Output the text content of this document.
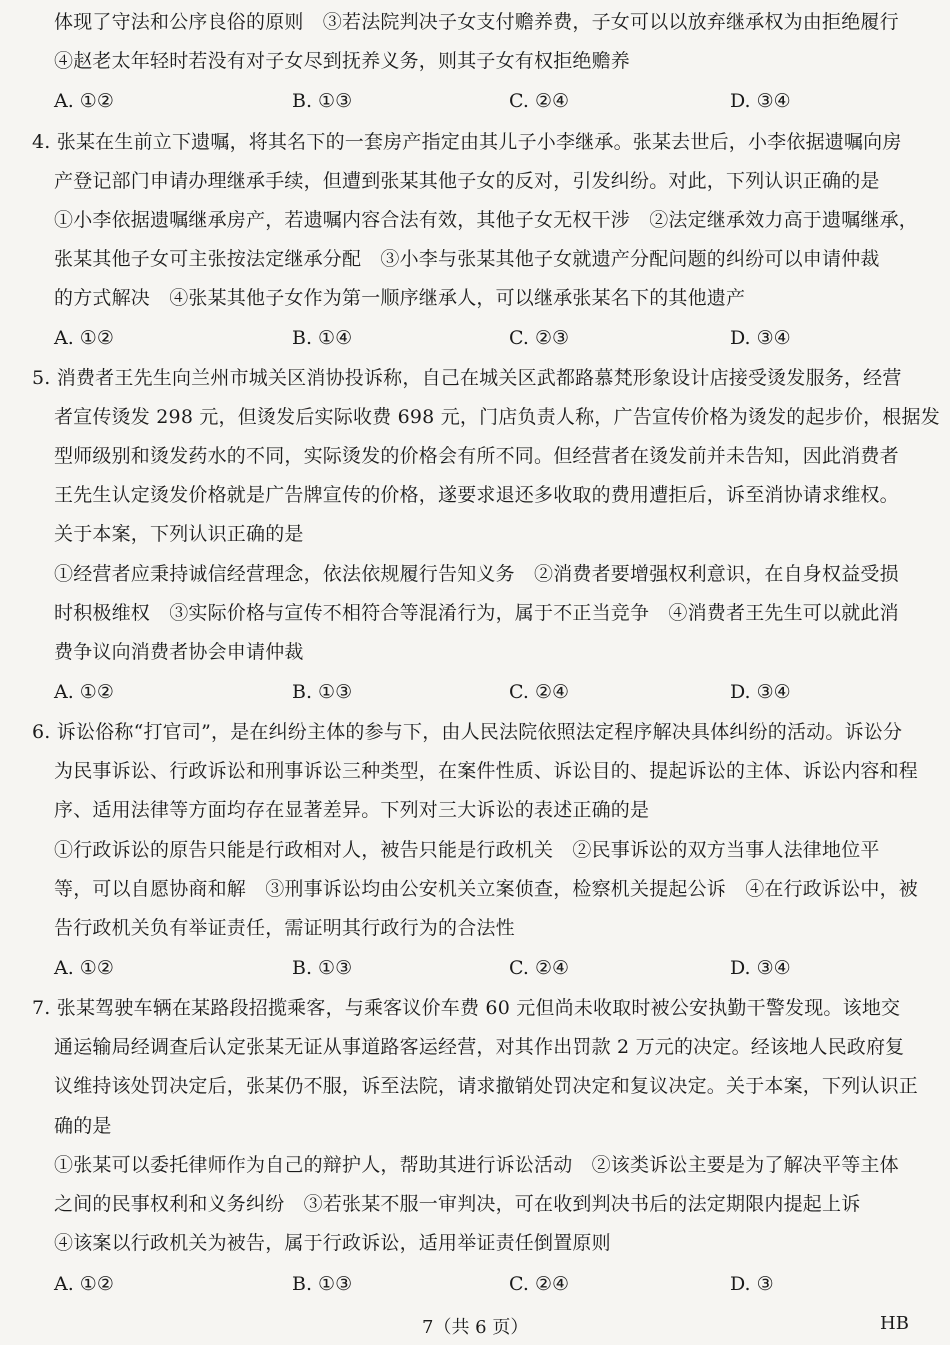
体现了守法和公序良俗的原则　③若法院判决子女支付赡养费，子女可以以放弃继承权为由拒绝履行
④赵老太年轻时若没有对子女尽到抚养义务，则其子女有权拒绝赡养
A. ①②	B. ①③	C. ②④	D. ③④
4. 张某在生前立下遗嘱，将其名下的一套房产指定由其儿子小李继承。张某去世后，小李依据遗嘱向房
产登记部门申请办理继承手续，但遭到张某其他子女的反对，引发纠纷。对此，下列认识正确的是
①小李依据遗嘱继承房产，若遗嘱内容合法有效，其他子女无权干涉　②法定继承效力高于遗嘱继承，
张某其他子女可主张按法定继承分配　③小李与张某其他子女就遗产分配问题的纠纷可以申请仲裁
的方式解决　④张某其他子女作为第一顺序继承人，可以继承张某名下的其他遗产
A. ①②	B. ①④	C. ②③	D. ③④
5. 消费者王先生向兰州市城关区消协投诉称，自己在城关区武都路慕梵形象设计店接受烫发服务，经营
者宣传烫发 298 元，但烫发后实际收费 698 元，门店负责人称，广告宣传价格为烫发的起步价，根据发
型师级别和烫发药水的不同，实际烫发的价格会有所不同。但经营者在烫发前并未告知，因此消费者
王先生认定烫发价格就是广告牌宣传的价格，遂要求退还多收取的费用遭拒后，诉至消协请求维权。
关于本案，下列认识正确的是
①经营者应秉持诚信经营理念，依法依规履行告知义务　②消费者要增强权利意识，在自身权益受损
时积极维权　③实际价格与宣传不相符合等混淆行为，属于不正当竞争　④消费者王先生可以就此消
费争议向消费者协会申请仲裁
A. ①②	B. ①③	C. ②④	D. ③④
6. 诉讼俗称“打官司”，是在纠纷主体的参与下，由人民法院依照法定程序解决具体纠纷的活动。诉讼分
为民事诉讼、行政诉讼和刑事诉讼三种类型，在案件性质、诉讼目的、提起诉讼的主体、诉讼内容和程
序、适用法律等方面均存在显著差异。下列对三大诉讼的表述正确的是
①行政诉讼的原告只能是行政相对人，被告只能是行政机关　②民事诉讼的双方当事人法律地位平
等，可以自愿协商和解　③刑事诉讼均由公安机关立案侦查，检察机关提起公诉　④在行政诉讼中，被
告行政机关负有举证责任，需证明其行政行为的合法性
A. ①②	B. ①③	C. ②④	D. ③④
7. 张某驾驶车辆在某路段招揽乘客，与乘客议价车费 60 元但尚未收取时被公安执勤干警发现。该地交
通运输局经调查后认定张某无证从事道路客运经营，对其作出罚款 2 万元的决定。经该地人民政府复
议维持该处罚决定后，张某仍不服，诉至法院，请求撤销处罚决定和复议决定。关于本案，下列认识正
确的是
①张某可以委托律师作为自己的辩护人，帮助其进行诉讼活动　②该类诉讼主要是为了解决平等主体
之间的民事权利和义务纠纷　③若张某不服一审判决，可在收到判决书后的法定期限内提起上诉
④该案以行政机关为被告，属于行政诉讼，适用举证责任倒置原则
A. ①②	B. ①③	C. ②④	D. ③
7（共 6 页）	HB
